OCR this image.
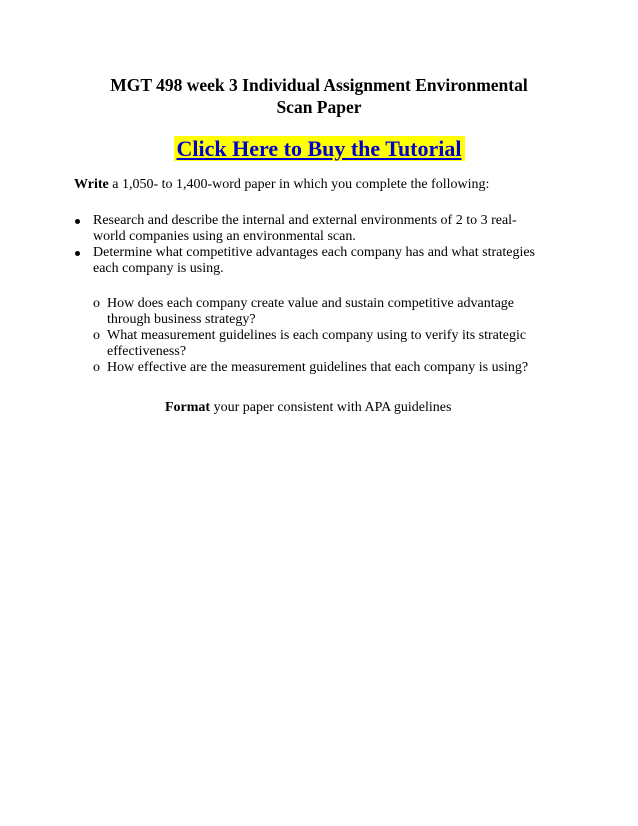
MGT 498 week 3 Individual Assignment Environmental
Scan Paper
Click Here to Buy the Tutorial

Write a 1,050- to 1,400-word paper in which you complete the following:

Research and describe the internal and external environments of 2 to 3 real-
world companies using an environmental scan.
Determine what competitive advantages each company has and what strategies
each company is using.
o How does each company create value and sustain competitive advantage
through business strategy?
o What measurement guidelines is each company using to verify its strategic
effectiveness?
o How effective are the measurement guidelines that each company is using?

Format your paper consistent with APA guidelines
